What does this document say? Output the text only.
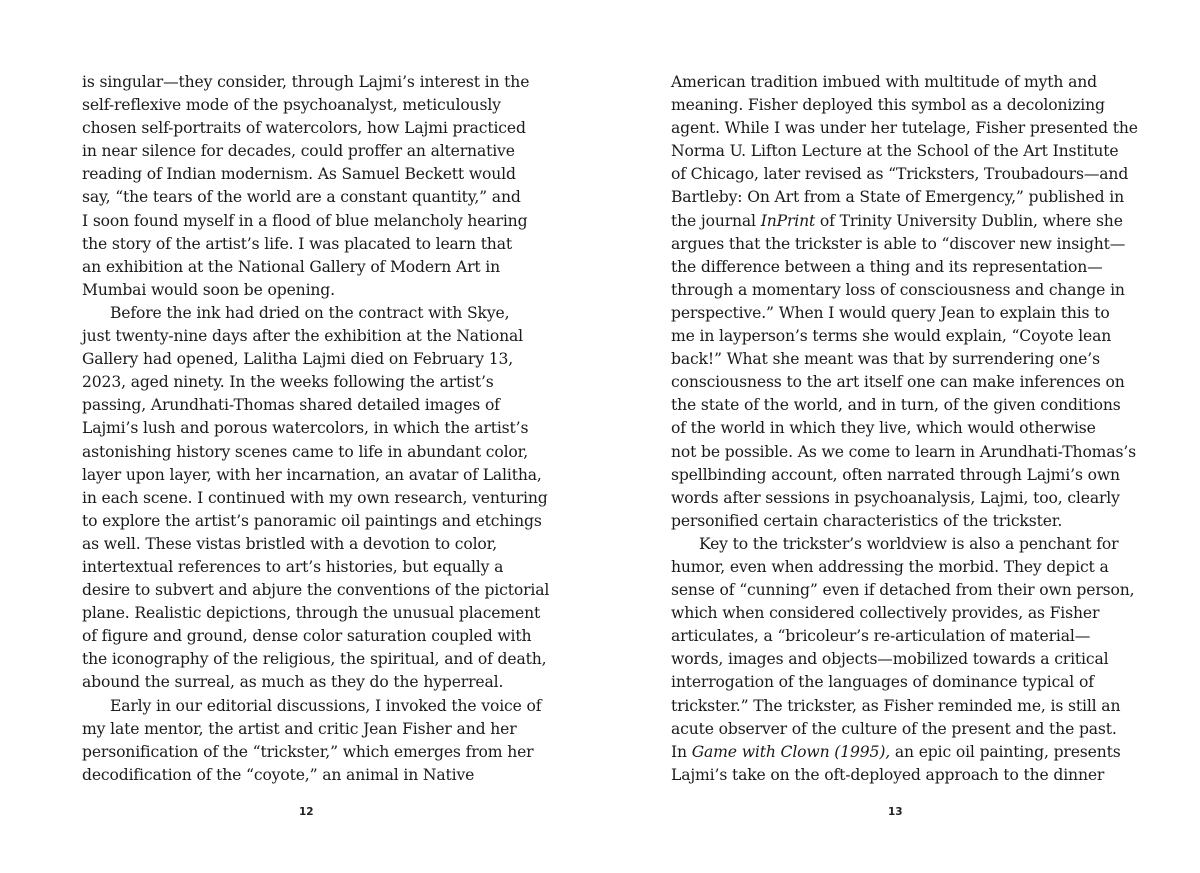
is singular—they consider, through Lajmi’s interest in the
self-reflexive mode of the psychoanalyst, meticulously
chosen self-portraits of watercolors, how Lajmi practiced
in near silence for decades, could proffer an alternative
reading of Indian modernism. As Samuel Beckett would
say, “the tears of the world are a constant quantity,” and
I soon found myself in a flood of blue melancholy hearing
the story of the artist’s life. I was placated to learn that
an exhibition at the National Gallery of Modern Art in
Mumbai would soon be opening.
Before the ink had dried on the contract with Skye,
just twenty-nine days after the exhibition at the National
Gallery had opened, Lalitha Lajmi died on February 13,
2023, aged ninety. In the weeks following the artist’s
passing, Arundhati-Thomas shared detailed images of
Lajmi’s lush and porous watercolors, in which the artist’s
astonishing history scenes came to life in abundant color,
layer upon layer, with her incarnation, an avatar of Lalitha,
in each scene. I continued with my own research, venturing
to explore the artist’s panoramic oil paintings and etchings
as well. These vistas bristled with a devotion to color,
intertextual references to art’s histories, but equally a
desire to subvert and abjure the conventions of the pictorial
plane. Realistic depictions, through the unusual placement
of figure and ground, dense color saturation coupled with
the iconography of the religious, the spiritual, and of death,
abound the surreal, as much as they do the hyperreal.
Early in our editorial discussions, I invoked the voice of
my late mentor, the artist and critic Jean Fisher and her
personification of the “trickster,” which emerges from her
decodification of the “coyote,” an animal in Native
American tradition imbued with multitude of myth and
meaning. Fisher deployed this symbol as a decolonizing
agent. While I was under her tutelage, Fisher presented the
Norma U. Lifton Lecture at the School of the Art Institute
of Chicago, later revised as “Tricksters, Troubadours—and
Bartleby: On Art from a State of Emergency,” published in
the journal InPrint of Trinity University Dublin, where she
argues that the trickster is able to “discover new insight—
the difference between a thing and its representation—
through a momentary loss of consciousness and change in
perspective.” When I would query Jean to explain this to
me in layperson’s terms she would explain, “Coyote lean
back!” What she meant was that by surrendering one’s
consciousness to the art itself one can make inferences on
the state of the world, and in turn, of the given conditions
of the world in which they live, which would otherwise
not be possible. As we come to learn in Arundhati-Thomas’s
spellbinding account, often narrated through Lajmi’s own
words after sessions in psychoanalysis, Lajmi, too, clearly
personified certain characteristics of the trickster.
Key to the trickster’s worldview is also a penchant for
humor, even when addressing the morbid. They depict a
sense of “cunning” even if detached from their own person,
which when considered collectively provides, as Fisher
articulates, a “bricoleur’s re-articulation of material—
words, images and objects—mobilized towards a critical
interrogation of the languages of dominance typical of
trickster.” The trickster, as Fisher reminded me, is still an
acute observer of the culture of the present and the past.
In Game with Clown (1995), an epic oil painting, presents
Lajmi’s take on the oft-deployed approach to the dinner
12	13
